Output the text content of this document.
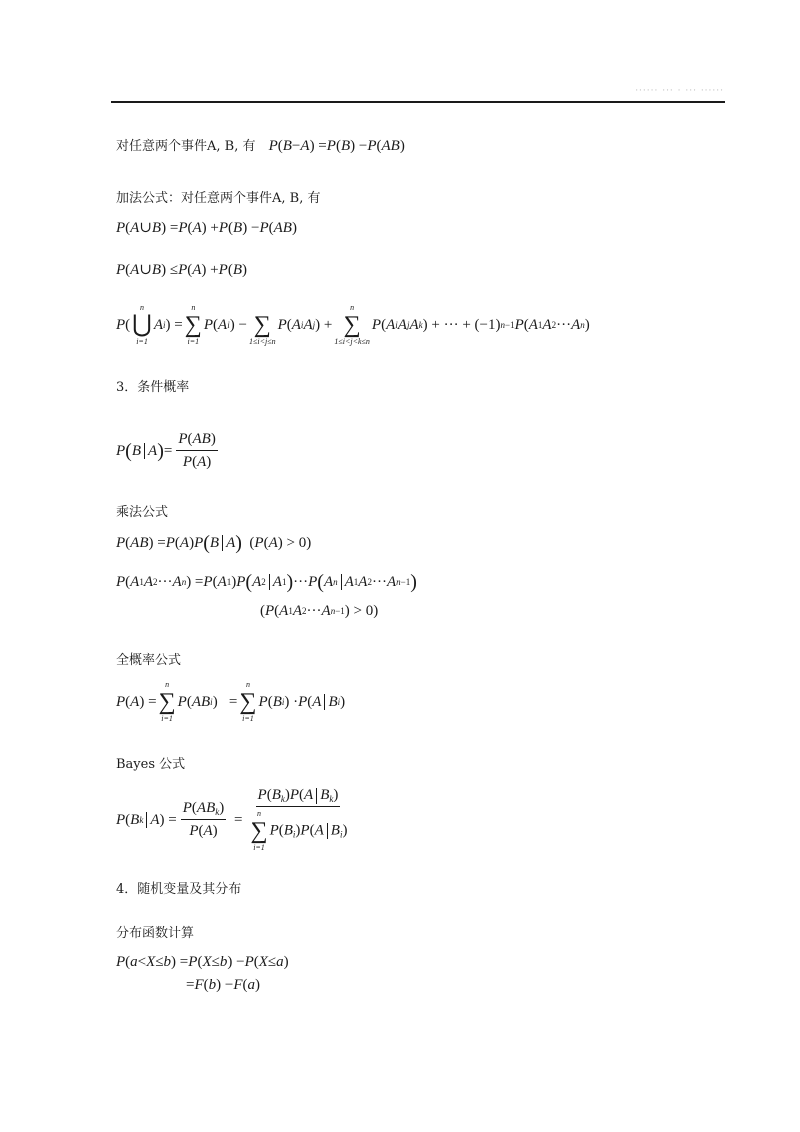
······ ··· · ··· ······
对任意两个事件A, B, 有 P ( B − A ) = P ( B ) − P ( AB )
加法公式：对任意两个事件A, B, 有
P ( A ∪ B ) = P ( A ) + P ( B ) − P ( AB )
P ( A ∪ B ) ≤ P ( A ) + P ( B )
P (
n
⋃
i=1
A i ) =
n
∑
i=1
P ( A i ) −
∑
1≤i<j≤n
P ( A i A j ) +
n
∑
1≤i<j<k≤n
P ( A i A j A k ) + ··· + (−1) n−1 P ( A 1 A 2 ··· A n )
3．条件概率
P ( B A ) = $\frac{P(AB)}{P(A)}$
乘法公式
P ( AB ) = P ( A ) P ( B A ) ( P ( A ) > 0)
P ( A 1 A 2 ··· A n ) = P ( A 1 ) P ( A 2 A 1 ) ··· P ( A n A 1 A 2 ··· A n−1 )
( P ( A 1 A 2 ··· A n−1 ) > 0)
全概率公式
P ( A ) =
n
∑
i=1
P ( AB i )   =
n
∑
i=1
P ( B i ) · P ( A B i )
Bayes 公式
P ( B k A ) = $\frac{P(AB_k)}{P(A)} = P(B_k)P(A$ $B_k$)
n
∑
i=1
$P(B_i)P(A$ $B_i$)
4．随机变量及其分布
分布函数计算
P ( a < X ≤ b ) = P ( X ≤ b ) − P ( X ≤ a )
= F ( b ) − F ( a )
